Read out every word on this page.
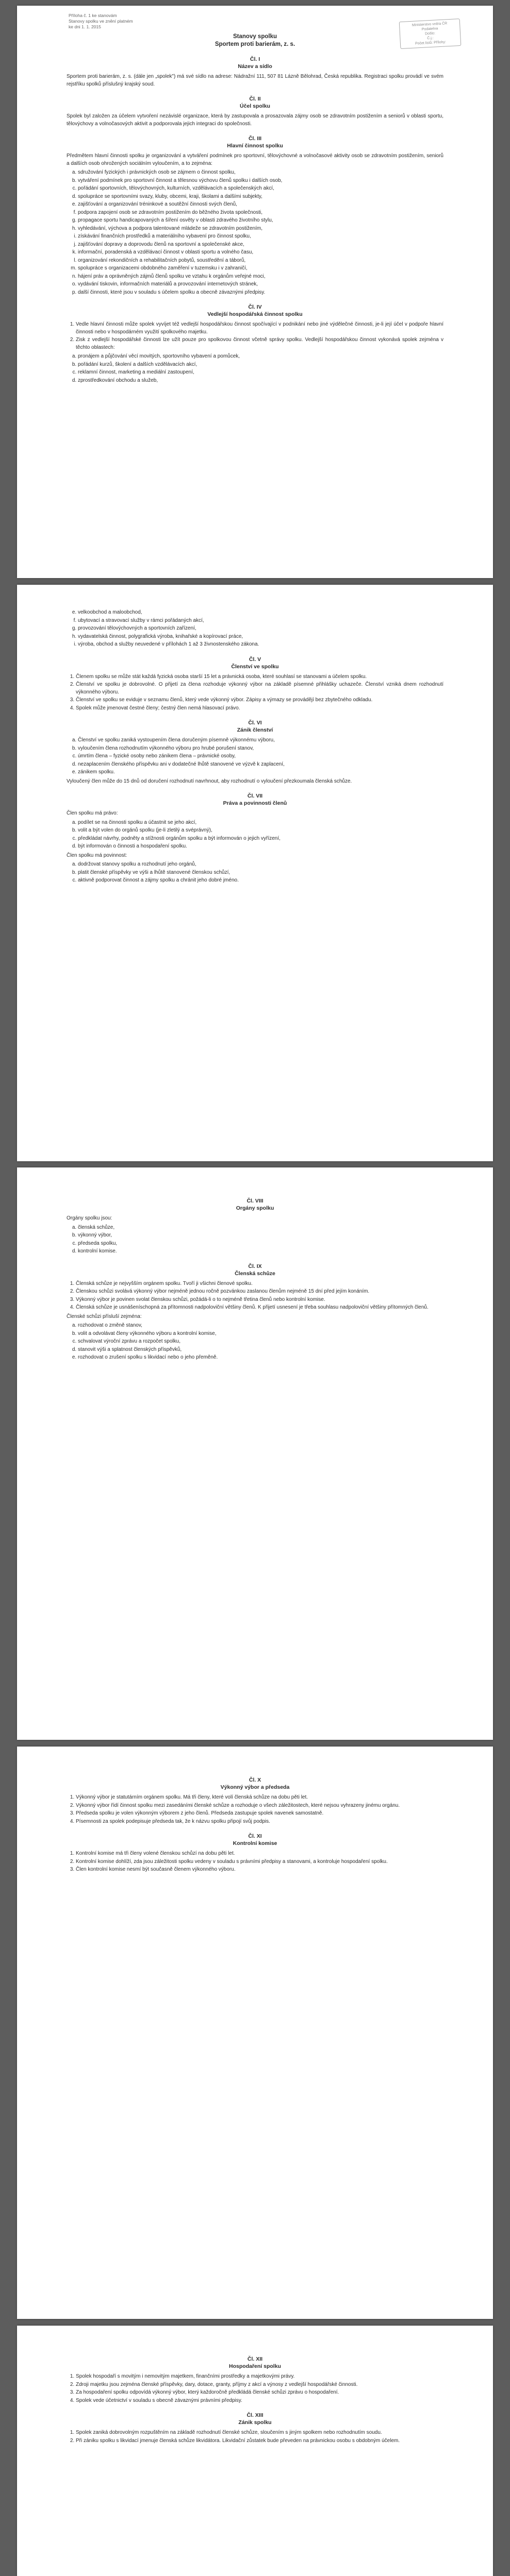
Ministerstvo vnitra ČR
Podatelna
Došlo:
Č.j.:
Počet listů: Přílohy:
Příloha č. 1 ke stanovám
Stanovy spolku ve znění platném
ke dni 1. 1. 2015
Stanovy spolku
Sportem proti barierám, z. s.
Čl. I
Název a sídlo

Sportem proti barierám, z. s. (dále jen „spolek") má své sídlo na adrese: Nádražní 111, 507 81 Lázně Bělohrad, Česká republika. Registraci spolku provádí ve svém rejstříku spolků příslušný krajský soud.

Čl. II
Účel spolku

Spolek byl založen za účelem vytvoření nezávislé organizace, která by zastupovala a prosazovala zájmy osob se zdravotním postižením a seniorů v oblasti sportu, tělovýchovy a volnočasových aktivit a podporovala jejich integraci do společnosti.

Čl. III
Hlavní činnost spolku

Předmětem hlavní činnosti spolku je organizování a vytváření podmínek pro sportovní, tělovýchovné a volnočasové aktivity osob se zdravotním postižením, seniorů a dalších osob ohrožených sociálním vyloučením, a to zejména:

a. sdružování fyzických i právnických osob se zájmem o činnost spolku,
b. vytváření podmínek pro sportovní činnost a tělesnou výchovu členů spolku i dalších osob,
c. pořádání sportovních, tělovýchovných, kulturních, vzdělávacích a společenských akcí,
d. spolupráce se sportovními svazy, kluby, obcemi, kraji, školami a dalšími subjekty,
e. zajišťování a organizování tréninkové a soutěžní činnosti svých členů,
f. podpora zapojení osob se zdravotním postižením do běžného života společnosti,
g. propagace sportu handicapovaných a šíření osvěty v oblasti zdravého životního stylu,
h. vyhledávání, výchova a podpora talentované mládeže se zdravotním postižením,
i. získávání finančních prostředků a materiálního vybavení pro činnost spolku,
j. zajišťování dopravy a doprovodu členů na sportovní a společenské akce,
k. informační, poradenská a vzdělávací činnost v oblasti sportu a volného času,
l. organizování rekondičních a rehabilitačních pobytů, soustředění a táborů,
m. spolupráce s organizacemi obdobného zaměření v tuzemsku i v zahraničí,
n. hájení práv a oprávněných zájmů členů spolku ve vztahu k orgánům veřejné moci,
o. vydávání tiskovin, informačních materiálů a provozování internetových stránek,
p. další činnosti, které jsou v souladu s účelem spolku a obecně závaznými předpisy.
Čl. IV
Vedlejší hospodářská činnost spolku
1. Vedle hlavní činnosti může spolek vyvíjet též vedlejší hospodářskou činnost spočívající v podnikání nebo jiné výdělečné činnosti, je-li její účel v podpoře hlavní činnosti nebo v hospodárném využití spolkového majetku.
2. Zisk z vedlejší hospodářské činnosti lze užít pouze pro spolkovou činnost včetně správy spolku. Vedlejší hospodářskou činnost vykonává spolek zejména v těchto oblastech:
a. pronájem a půjčování věcí movitých, sportovního vybavení a pomůcek,
b. pořádání kurzů, školení a dalších vzdělávacích akcí,
c. reklamní činnost, marketing a mediální zastoupení,
d. zprostředkování obchodu a služeb,
e. velkoobchod a maloobchod,
f. ubytovací a stravovací služby v rámci pořádaných akcí,
g. provozování tělovýchovných a sportovních zařízení,
h. vydavatelská činnost, polygrafická výroba, knihařské a kopírovací práce,
i. výroba, obchod a služby neuvedené v přílohách 1 až 3 živnostenského zákona.
Čl. V
Členství ve spolku
1. Členem spolku se může stát každá fyzická osoba starší 15 let a právnická osoba, které souhlasí se stanovami a účelem spolku.
2. Členství ve spolku je dobrovolné. O přijetí za člena rozhoduje výkonný výbor na základě písemné přihlášky uchazeče. Členství vzniká dnem rozhodnutí výkonného výboru.
3. Členství ve spolku se eviduje v seznamu členů, který vede výkonný výbor. Zápisy a výmazy se provádějí bez zbytečného odkladu.
4. Spolek může jmenovat čestné členy; čestný člen nemá hlasovací právo.
Čl. VI
Zánik členství
a. Členství ve spolku zaniká vystoupením člena doručeným písemně výkonnému výboru,
b. vyloučením člena rozhodnutím výkonného výboru pro hrubé porušení stanov,
c. úmrtím člena – fyzické osoby nebo zánikem člena – právnické osoby,
d. nezaplacením členského příspěvku ani v dodatečné lhůtě stanovené ve výzvě k zaplacení,
e. zánikem spolku.

Vyloučený člen může do 15 dnů od doručení rozhodnutí navrhnout, aby rozhodnutí o vyloučení přezkoumala členská schůze.

Čl. VII
Práva a povinnosti členů

Člen spolku má právo:

a. podílet se na činnosti spolku a účastnit se jeho akcí,
b. volit a být volen do orgánů spolku (je-li zletilý a svéprávný),
c. předkládat návrhy, podněty a stížnosti orgánům spolku a být informován o jejich vyřízení,
d. být informován o činnosti a hospodaření spolku.

Člen spolku má povinnost:

a. dodržovat stanovy spolku a rozhodnutí jeho orgánů,
b. platit členské příspěvky ve výši a lhůtě stanovené členskou schůzí,
c. aktivně podporovat činnost a zájmy spolku a chránit jeho dobré jméno.
Čl. VIII
Orgány spolku

Orgány spolku jsou:

a. členská schůze,
b. výkonný výbor,
c. předseda spolku,
d. kontrolní komise.
Čl. IX
Členská schůze
1. Členská schůze je nejvyšším orgánem spolku. Tvoří ji všichni členové spolku.
2. Členskou schůzi svolává výkonný výbor nejméně jednou ročně pozvánkou zaslanou členům nejméně 15 dní před jejím konáním.
3. Výkonný výbor je povinen svolat členskou schůzi, požádá-li o to nejméně třetina členů nebo kontrolní komise.
4. Členská schůze je usnášeníschopná za přítomnosti nadpoloviční většiny členů. K přijetí usnesení je třeba souhlasu nadpoloviční většiny přítomných členů.

Členské schůzi přísluší zejména:

a. rozhodovat o změně stanov,
b. volit a odvolávat členy výkonného výboru a kontrolní komise,
c. schvalovat výroční zprávu a rozpočet spolku,
d. stanovit výši a splatnost členských příspěvků,
e. rozhodovat o zrušení spolku s likvidací nebo o jeho přeměně.
Čl. X
Výkonný výbor a předseda
1. Výkonný výbor je statutárním orgánem spolku. Má tři členy, které volí členská schůze na dobu pěti let.
2. Výkonný výbor řídí činnost spolku mezi zasedáními členské schůze a rozhoduje o všech záležitostech, které nejsou vyhrazeny jinému orgánu.
3. Předseda spolku je volen výkonným výborem z jeho členů. Předseda zastupuje spolek navenek samostatně.
4. Písemnosti za spolek podepisuje předseda tak, že k názvu spolku připojí svůj podpis.
Čl. XI
Kontrolní komise
1. Kontrolní komise má tři členy volené členskou schůzí na dobu pěti let.
2. Kontrolní komise dohlíží, zda jsou záležitosti spolku vedeny v souladu s právními předpisy a stanovami, a kontroluje hospodaření spolku.
3. Člen kontrolní komise nesmí být současně členem výkonného výboru.
Čl. XII
Hospodaření spolku
1. Spolek hospodaří s movitým i nemovitým majetkem, finančními prostředky a majetkovými právy.
2. Zdroji majetku jsou zejména členské příspěvky, dary, dotace, granty, příjmy z akcí a výnosy z vedlejší hospodářské činnosti.
3. Za hospodaření spolku odpovídá výkonný výbor, který každoročně předkládá členské schůzi zprávu o hospodaření.
4. Spolek vede účetnictví v souladu s obecně závaznými právními předpisy.
Čl. XIII
Zánik spolku
1. Spolek zaniká dobrovolným rozpuštěním na základě rozhodnutí členské schůze, sloučením s jiným spolkem nebo rozhodnutím soudu.
2. Při zániku spolku s likvidací jmenuje členská schůze likvidátora. Likvidační zůstatek bude převeden na právnickou osobu s obdobným účelem.
